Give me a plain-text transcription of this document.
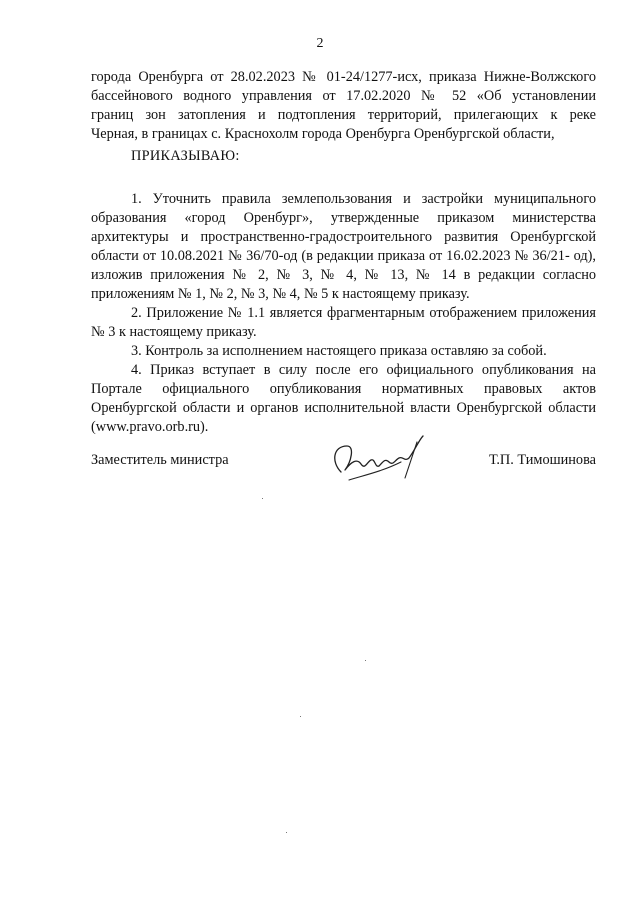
2
города Оренбурга от 28.02.2023 № 01-24/1277-исх, приказа Нижне-Волжского
бассейнового водного управления от 17.02.2020 № 52 «Об установлении
границ зон затопления и подтопления территорий, прилегающих к реке
Черная, в границах с. Краснохолм города Оренбурга Оренбургской области,
ПРИКАЗЫВАЮ:

1. Уточнить правила землепользования и застройки муниципального образования «город Оренбург», утвержденные приказом министерства архитектуры и пространственно-градостроительного развития Оренбургской области от 10.08.2021 № 36/70-од (в редакции приказа от 16.02.2023 № 36/21- од), изложив приложения № 2, № 3, № 4, № 13, № 14 в редакции согласно приложениям № 1, № 2, № 3, № 4, № 5 к настоящему приказу.

2. Приложение № 1.1 является фрагментарным отображением приложения № 3 к настоящему приказу.

3. Контроль за исполнением настоящего приказа оставляю за собой.

4. Приказ вступает в силу после его официального опубликования на Портале официального опубликования нормативных правовых актов Оренбургской области и органов исполнительной власти Оренбургской области (www.pravo.orb.ru).

Заместитель министра	Т.П. Тимошинова
